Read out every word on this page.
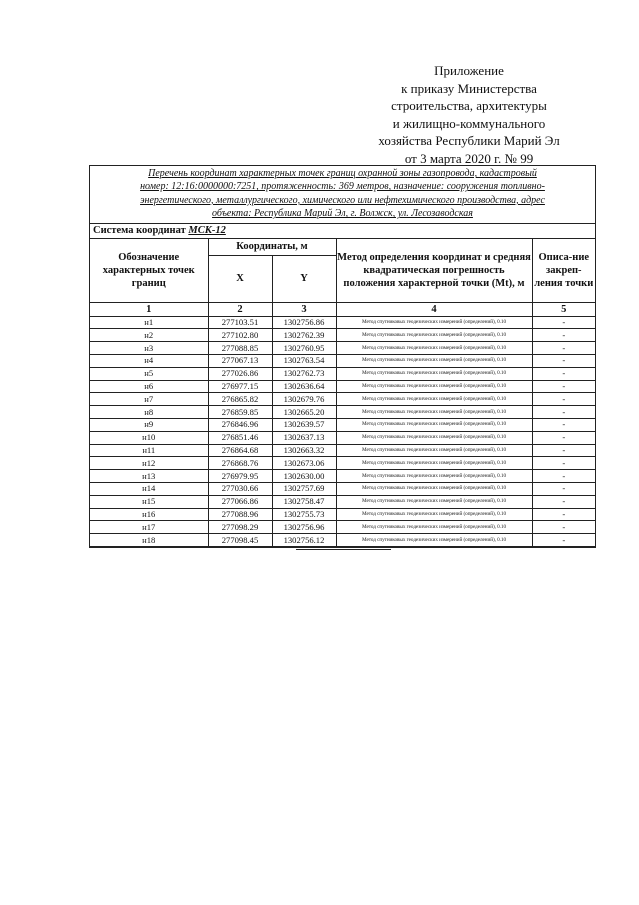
Приложение
к приказу Министерства
строительства, архитектуры
и жилищно-коммунального
хозяйства Республики Марий Эл
от 3 марта 2020 г. № 99
Перечень координат характерных точек границ охранной зоны газопровода, кадастровый
номер: 12:16:0000000:7251, протяженность: 369 метров, назначение: сооружения топливно-
энергетического, металлургического, химического или нефтехимического производства, адрес
объекта: Республика Марий Эл, г. Волжск, ул. Лесозаводская
Система координат МСК-12				
Обозначение характерных точек границ	Координаты, м		Метод определения координат и средняя квадратическая погрешность положения характерной точки (Mt), м	Описа-ние закреп-ления точки
	X	Y		
1	2	3	4	5
н1	277103.51	1302756.86	Метод спутниковых геодезических измерений (определений), 0.10	-
н2	277102.80	1302762.39	Метод спутниковых геодезических измерений (определений), 0.10	-
н3	277088.85	1302760.95	Метод спутниковых геодезических измерений (определений), 0.10	-
н4	277067.13	1302763.54	Метод спутниковых геодезических измерений (определений), 0.10	-
н5	277026.86	1302762.73	Метод спутниковых геодезических измерений (определений), 0.10	-
н6	276977.15	1302636.64	Метод спутниковых геодезических измерений (определений), 0.10	-
н7	276865.82	1302679.76	Метод спутниковых геодезических измерений (определений), 0.10	-
н8	276859.85	1302665.20	Метод спутниковых геодезических измерений (определений), 0.10	-
н9	276846.96	1302639.57	Метод спутниковых геодезических измерений (определений), 0.10	-
н10	276851.46	1302637.13	Метод спутниковых геодезических измерений (определений), 0.10	-
н11	276864.68	1302663.32	Метод спутниковых геодезических измерений (определений), 0.10	-
н12	276868.76	1302673.06	Метод спутниковых геодезических измерений (определений), 0.10	-
н13	276979.95	1302630.00	Метод спутниковых геодезических измерений (определений), 0.10	-
н14	277030.66	1302757.69	Метод спутниковых геодезических измерений (определений), 0.10	-
н15	277066.86	1302758.47	Метод спутниковых геодезических измерений (определений), 0.10	-
н16	277088.96	1302755.73	Метод спутниковых геодезических измерений (определений), 0.10	-
н17	277098.29	1302756.96	Метод спутниковых геодезических измерений (определений), 0.10	-
н18	277098.45	1302756.12	Метод спутниковых геодезических измерений (определений), 0.10	-
